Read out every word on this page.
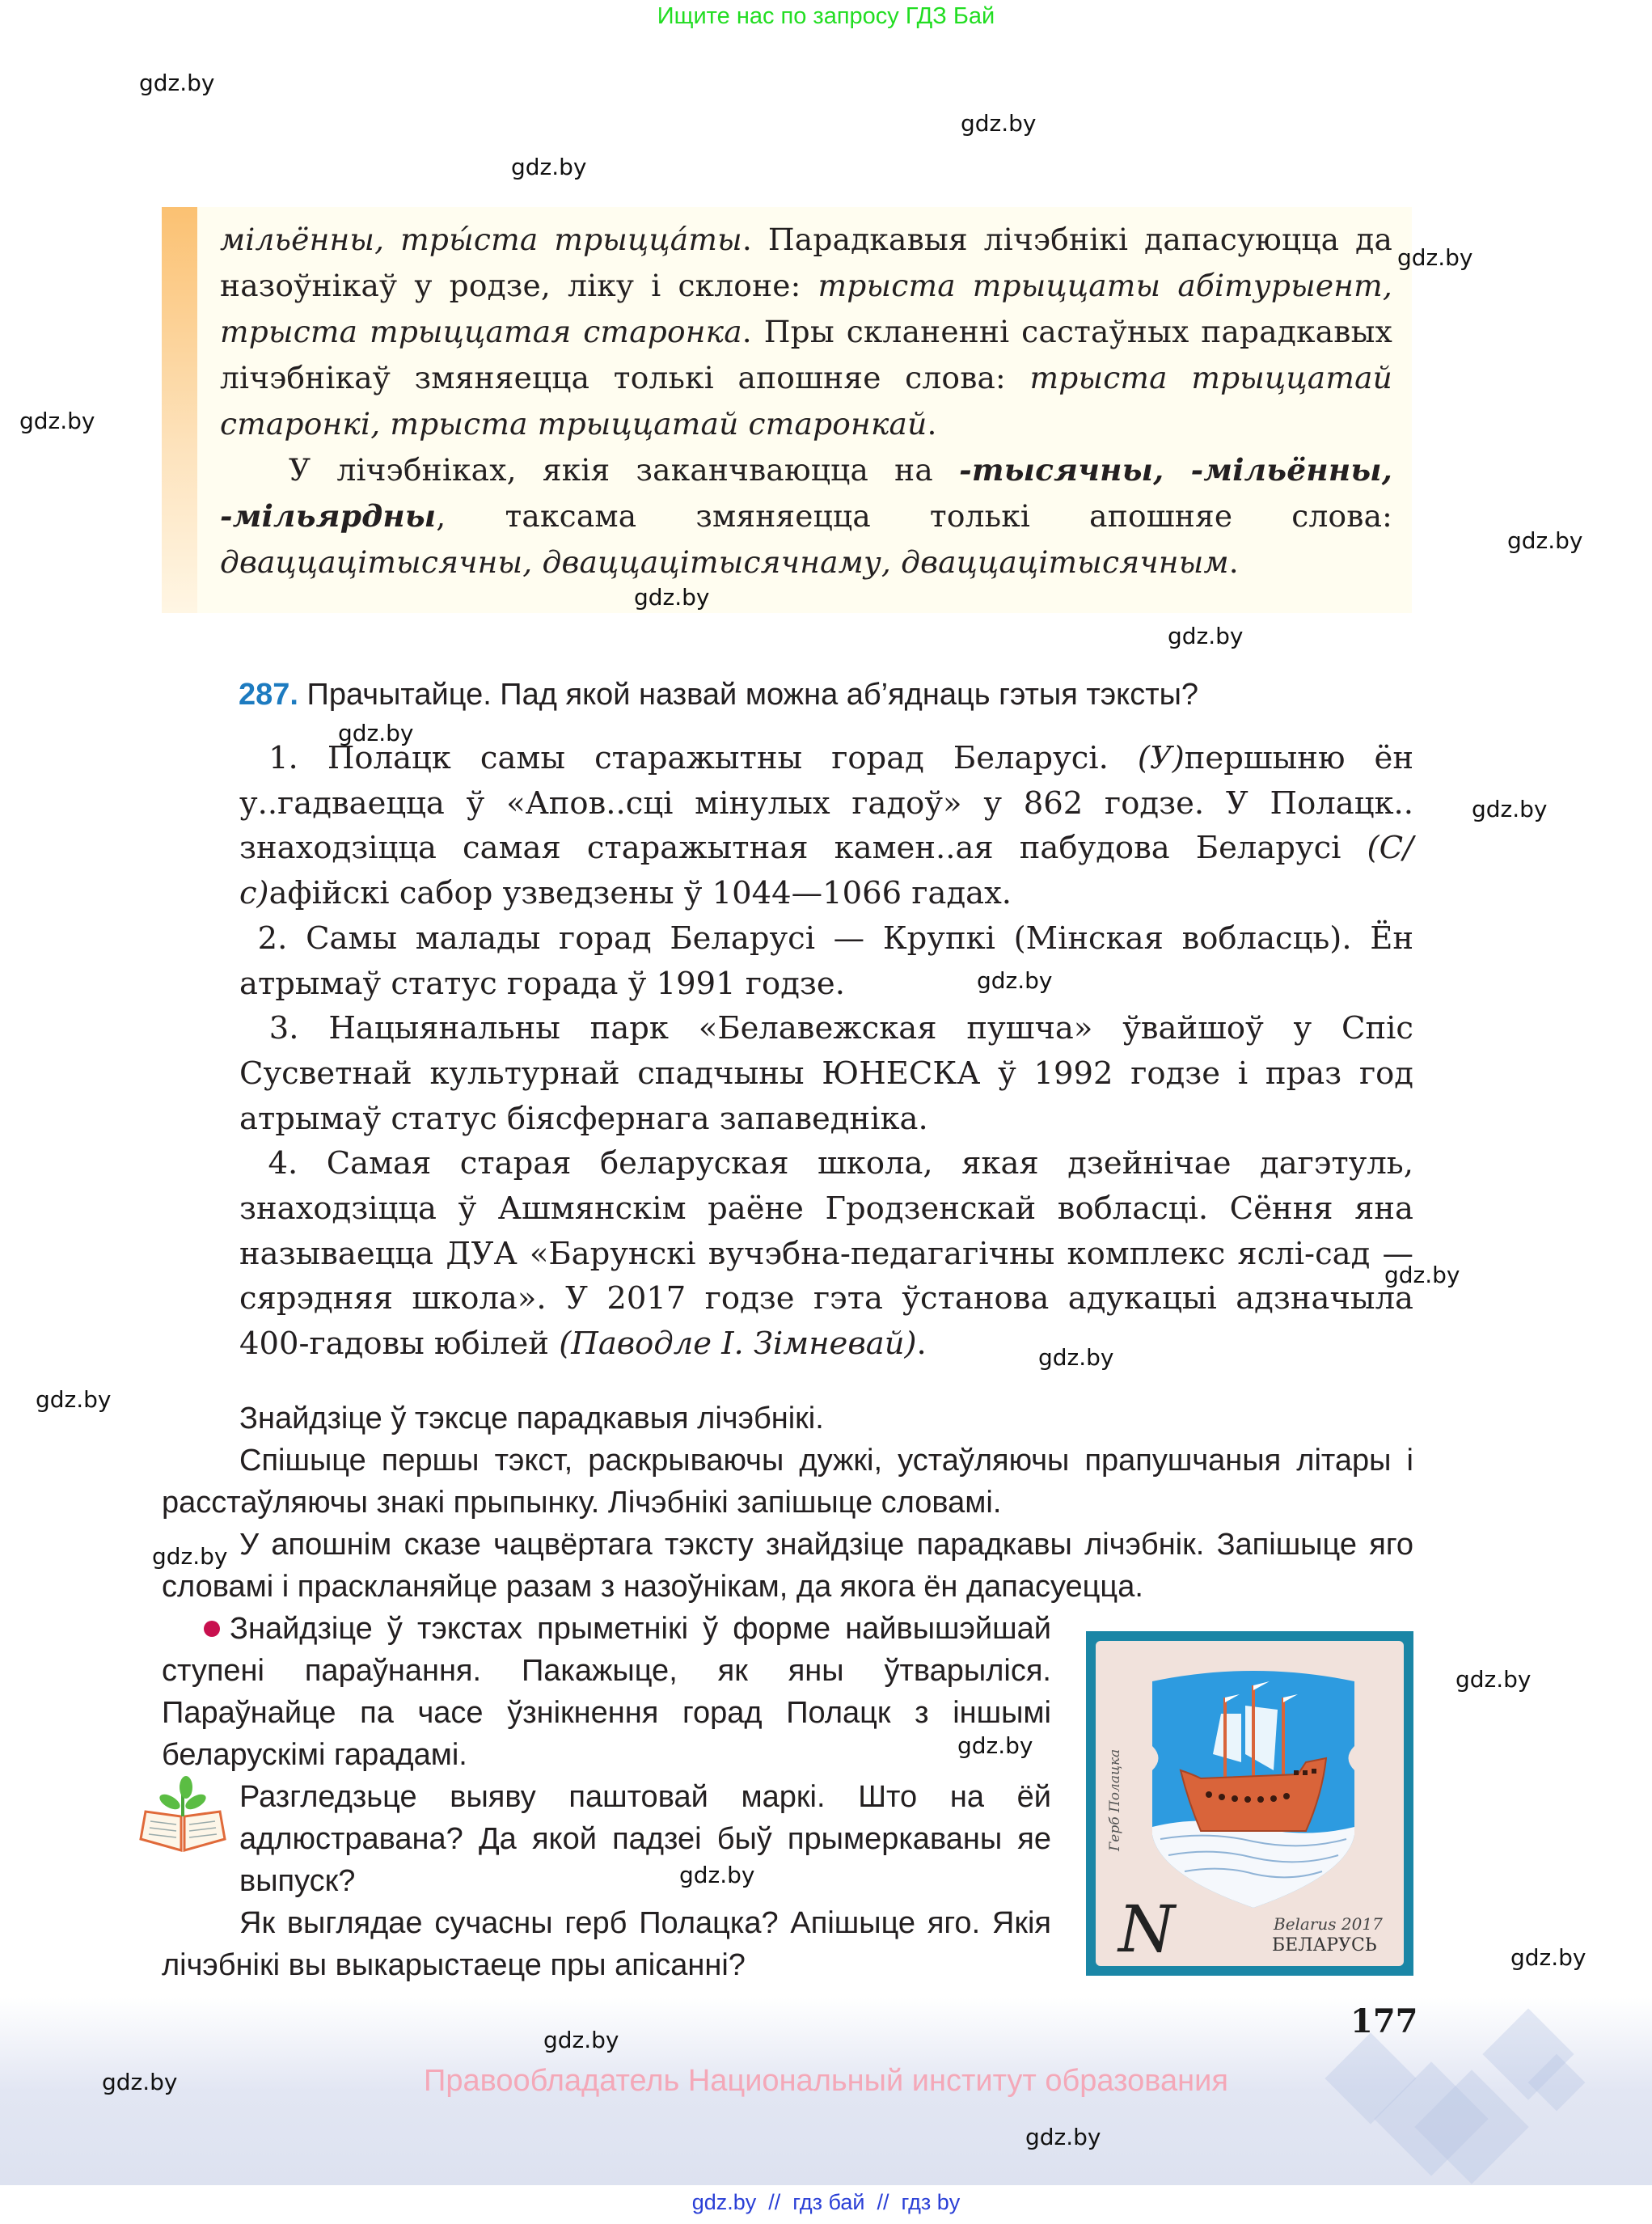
Ищите нас по запросу ГДЗ Бай

мільённы, тры́ста трыцца́ты. Парадкавыя лічэбнікі дапасуюцца да назоўнікаў у родзе, ліку і склоне: трыста трыццаты абітурыент, трыста трыццатая старонка. Пры скланенні састаўных парадкавых лічэбнікаў змяняецца толькі апошняе слова: трыста трыццатай старонкі, трыста трыццатай старонкай.

У лічэбніках, якія заканчваюцца на -тысячны, -мільённы, -мільярдны, таксама змяняецца толькі апошняе слова: дваццацітысячны, дваццацітысячнаму, дваццацітысячным.

287. Прачытайце. Пад якой назвай можна аб’яднаць гэтыя тэксты?

1. Полацк самы старажытны горад Беларусі. (У)першыню ён у..гадваецца ў «Апов..сці мінулых гадоў» у 862 годзе. У Полацк.. знаходзіцца самая старажытная камен..ая пабудова Беларусі (С/с)афійскі сабор узведзены ў 1044—1066 гадах.

2. Самы малады горад Беларусі — Крупкі (Мінская вобласць). Ён атрымаў статус горада ў 1991 годзе.

3. Нацыянальны парк «Белавежская пушча» ўвайшоў у Спіс Сусветнай культурнай спадчыны ЮНЕСКА ў 1992 годзе і праз год атрымаў статус біясфернага запаведніка.

4. Самая старая беларуская школа, якая дзейнічае дагэтуль, знаходзіцца ў Ашмянскім раёне Гродзенскай вобласці. Сёння яна называецца ДУА «Барунскі вучэбна-педагагічны комплекс яслі-сад — сярэдняя школа». У 2017 годзе гэта ўстанова адукацыі адзначыла 400-гадовы юбілей (Паводле І. Зімневай).

Знайдзіце ў тэксце парадкавыя лічэбнікі.

Спішыце першы тэкст, раскрываючы дужкі, устаўляючы прапушчаныя літары і расстаўляючы знакі прыпынку. Лічэбнікі запішыце словамі.

У апошнім сказе чацвёртага тэксту знайдзіце парадкавы лічэбнік. Запішыце яго словамі і праскланяйце разам з назоўнікам, да якога ён дапасуецца.

Знайдзіце ў тэкстах прыметнікі ў форме найвышэйшай ступені параўнання. Пакажыце, як яны ўтварыліся. Параўнайце па часе ўзнікнення горад Полацк з іншымі беларускімі гарадамі.

Разгледзьце выяву паштовай маркі. Што на ёй адлюстравана? Да якой падзеі быў прымеркаваны яе выпуск?

Як выглядае сучасны герб Полацка? Апішыце яго. Якія лічэбнікі вы выкарыстаеце пры апісанні?

Герб Полацка
N	Belarus 2017
БЕЛАРУСЬ
177
Правообладатель Национальный институт образования
gdz.by  //  гдз бай  //  гдз by
gdz.by
gdz.by
gdz.by
gdz.by
gdz.by
gdz.by
gdz.by
gdz.by
gdz.by
gdz.by
gdz.by
gdz.by
gdz.by
gdz.by
gdz.by
gdz.by
gdz.by
gdz.by
gdz.by
gdz.by
gdz.by
gdz.by
